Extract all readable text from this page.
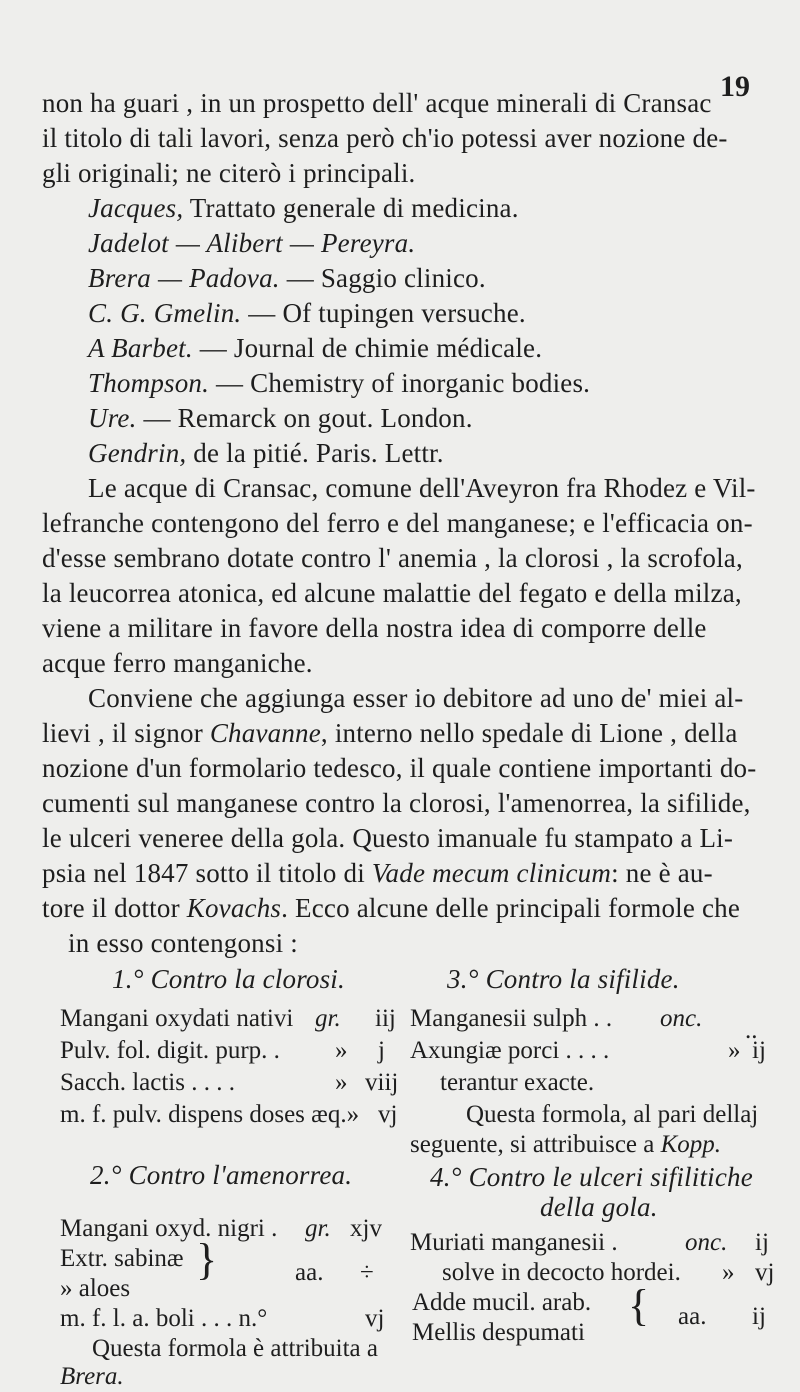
19
non ha guari , in un prospetto dell' acque minerali di Cransac
il titolo di tali lavori, senza però ch'io potessi aver nozione de-
gli originali; ne citerò i principali.
Jacques, Trattato generale di medicina.
Jadelot — Alibert — Pereyra.
Brera — Padova. — Saggio clinico.
C. G. Gmelin. — Of tupingen versuche.
A Barbet. — Journal de chimie médicale.
Thompson. — Chemistry of inorganic bodies.
Ure. — Remarck on gout. London.
Gendrin, de la pitié. Paris. Lettr.
Le acque di Cransac, comune dell'Aveyron fra Rhodez e Vil-
lefranche contengono del ferro e del manganese; e l'efficacia on-
d'esse sembrano dotate contro l' anemia , la clorosi , la scrofola,
la leucorrea atonica, ed alcune malattie del fegato e della milza,
viene a militare in favore della nostra idea di comporre delle
acque ferro manganiche.
Conviene che aggiunga esser io debitore ad uno de' miei al-
lievi , il signor Chavanne, interno nello spedale di Lione , della
nozione d'un formolario tedesco, il quale contiene importanti do-
cumenti sul manganese contro la clorosi, l'amenorrea, la sifilide,
le ulceri veneree della gola. Questo imanuale fu stampato a Li-
psia nel 1847 sotto il titolo di Vade mecum clinicum: ne è au-
tore il dottor Kovachs. Ecco alcune delle principali formole che
in esso contengonsi :
1.° Contro la clorosi.
Mangani oxydati nativi gr. iij
Pulv. fol. digit. purp. . » j
Sacch. lactis . . . .	» viij
m. f. pulv. dispens doses æq.» vj
2.° Contro l'amenorrea.
Mangani oxyd. nigri . gr. xjv
Extr. sabinæ }	aa. ÷
» aloes
m. f. l. a. boli . . . n.°	vj
Questa formola è attribuita a
Brera.
3.° Contro la sifilide.
Manganesii sulph . . onc. ..
Axungiæ porci . . . .	» ij
terantur exacte.
Questa formola, al pari dellaj
seguente, si attribuisce a Kopp.
4.° Contro le ulceri sifilitiche
della gola.
Muriati manganesii .	onc. ij
solve in decocto hordei. » vj
Adde mucil. arab. { aa. ij
Mellis despumati
